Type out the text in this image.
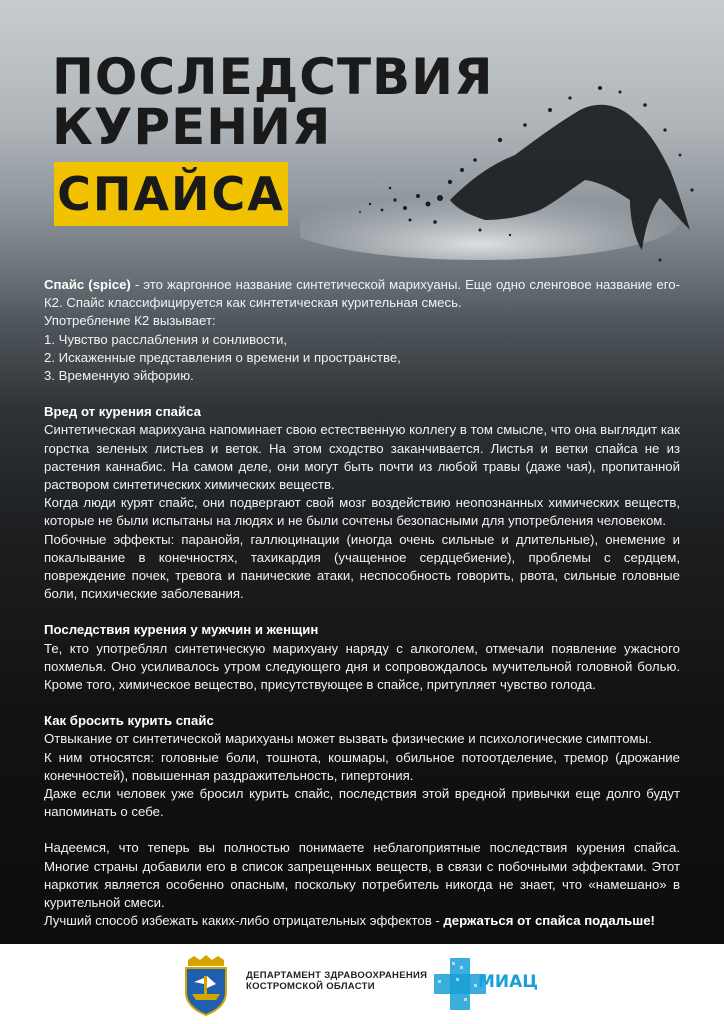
ПОСЛЕДСТВИЯ
КУРЕНИЯ
СПАЙСА

Спайс (spice) - это жаргонное название синтетической марихуаны. Еще одно сленговое название его-К2. Спайс классифицируется как синтетическая курительная смесь.

Употребление К2 вызывает:

1. Чувство расслабления и сонливости,

2. Искаженные представления о времени и пространстве,

3. Временную эйфорию.

Вред от курения спайса

Синтетическая марихуана напоминает свою естественную коллегу в том смысле, что она выглядит как горстка зеленых листьев и веток. На этом сходство заканчивается. Листья и ветки спайса не из растения каннабис. На самом деле, они могут быть почти из любой травы (даже чая), пропитанной раствором синтетических химических веществ.

Когда люди курят спайс, они подвергают свой мозг воздействию неопознанных химических веществ, которые не были испытаны на людях и не были сочтены безопасными для употребления человеком.

Побочные эффекты: паранойя, галлюцинации (иногда очень сильные и длительные), онемение и покалывание в конечностях, тахикардия (учащенное сердцебиение), проблемы с сердцем, повреждение почек, тревога и панические атаки, неспособность говорить, рвота, сильные головные боли, психические заболевания.

Последствия курения у мужчин и женщин

Те, кто употреблял синтетическую марихуану наряду с алкоголем, отмечали появление ужасного похмелья. Оно усиливалось утром следующего дня и сопровождалось мучительной головной болью. Кроме того, химическое вещество, присутствующее в спайсе, притупляет чувство голода.

Как бросить курить спайс

Отвыкание от синтетической марихуаны может вызвать физические и психологические симптомы.

К ним относятся: головные боли, тошнота, кошмары, обильное потоотделение, тремор (дрожание конечностей), повышенная раздражительность, гипертония.

Даже если человек уже бросил курить спайс, последствия этой вредной привычки еще долго будут напоминать о себе.

Надеемся, что теперь вы полностью понимаете неблагоприятные последствия курения спайса. Многие страны добавили его в список запрещенных веществ, в связи с побочными эффектами. Этот наркотик является особенно опасным, поскольку потребитель никогда не знает, что «намешано» в курительной смеси.

Лучший способ избежать каких-либо отрицательных эффектов - держаться от спайса подальше!

ДЕПАРТАМЕНТ ЗДРАВООХРАНЕНИЯ
КОСТРОМСКОЙ ОБЛАСТИ	МИАЦ
